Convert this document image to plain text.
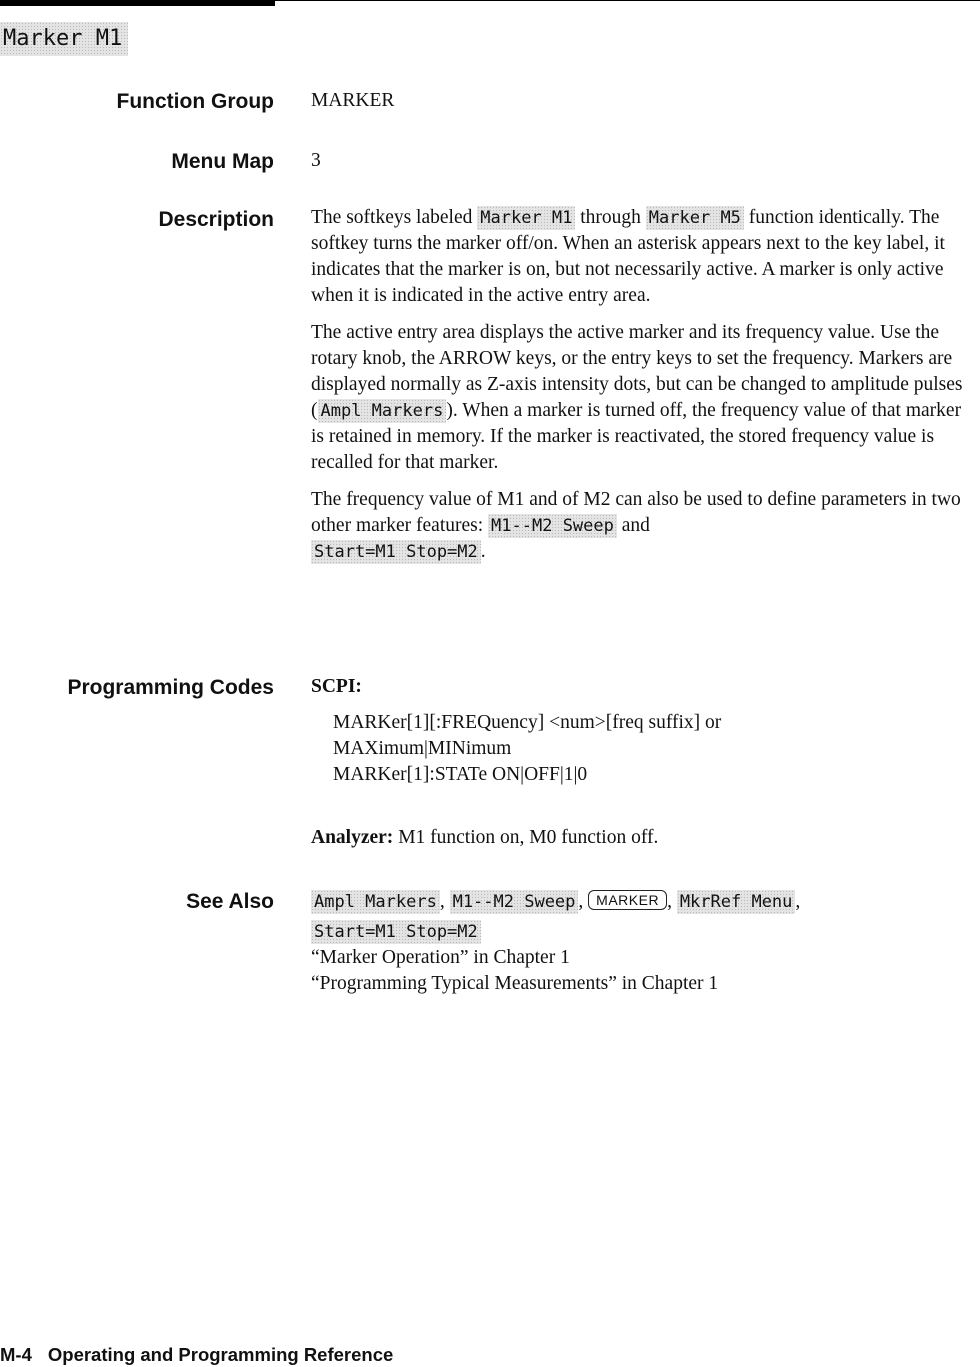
Marker M1
Function Group MARKER
Menu Map 3
Description The softkeys labeled Marker M1 through Marker M5 function identically. The softkey turns the marker off/on. When an asterisk appears next to the key label, it indicates that the marker is on, but not necessarily active. A marker is only active when it is indicated in the active entry area.

The active entry area displays the active marker and its frequency value. Use the rotary knob, the ARROW keys, or the entry keys to set the frequency. Markers are displayed normally as Z-axis intensity dots, but can be changed to amplitude pulses ( Ampl Markers ). When a marker is turned off, the frequency value of that marker is retained in memory. If the marker is reactivated, the stored frequency value is recalled for that marker.

The frequency value of M1 and of M2 can also be used to define parameters in two other marker features: M1--M2 Sweep and
Start=M1 Stop=M2 .

Programming Codes SCPI:
MARKer[1][:FREQuency] <num>[freq suffix] or
MAXimum|MINimum
MARKer[1]:STATe ON|OFF|1|0
Analyzer: M1 function on, M0 function off.
See Also Ampl Markers , M1--M2 Sweep , MARKER , MkrRef Menu ,
Start=M1 Stop=M2
“Marker Operation” in Chapter 1
“Programming Typical Measurements” in Chapter 1
M-4 Operating and Programming Reference
